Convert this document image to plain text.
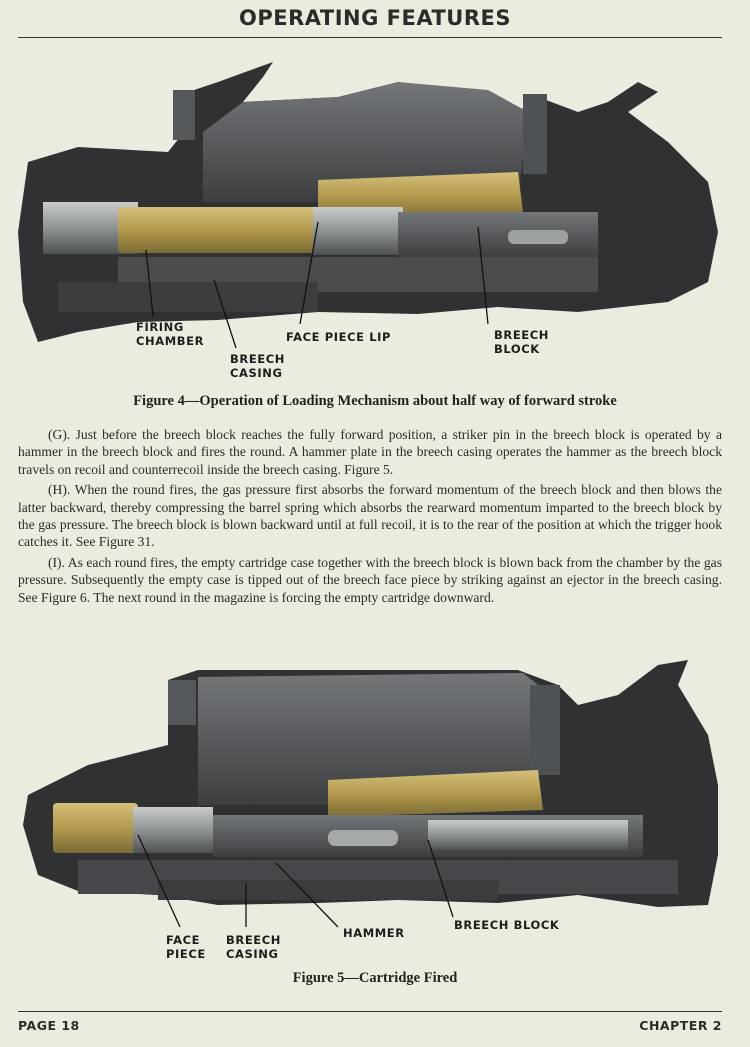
OPERATING FEATURES
FIRING
CHAMBER
BREECH
CASING
FACE PIECE LIP	BREECH
BLOCK
Figure 4—Operation of Loading Mechanism about half way of forward stroke

(G). Just before the breech block reaches the fully forward position, a striker pin in the breech block is operated by a hammer in the breech block and fires the round. A hammer plate in the breech casing operates the hammer as the breech block travels on recoil and counterrecoil inside the breech casing. Figure 5.

(H). When the round fires, the gas pressure first absorbs the forward momentum of the breech block and then blows the latter backward, thereby compressing the barrel spring which absorbs the rearward momentum imparted to the breech block by the gas pressure. The breech block is blown backward until at full recoil, it is to the rear of the position at which the trigger hook catches it. See Figure 31.

(I). As each round fires, the empty cartridge case together with the breech block is blown back from the chamber by the gas pressure. Subsequently the empty case is tipped out of the breech face piece by striking against an ejector in the breech casing. See Figure 6. The next round in the magazine is forcing the empty cartridge downward.

FACE
PIECE
BREECH
CASING
HAMMER
BREECH BLOCK
Figure 5—Cartridge Fired
PAGE 18	CHAPTER 2
